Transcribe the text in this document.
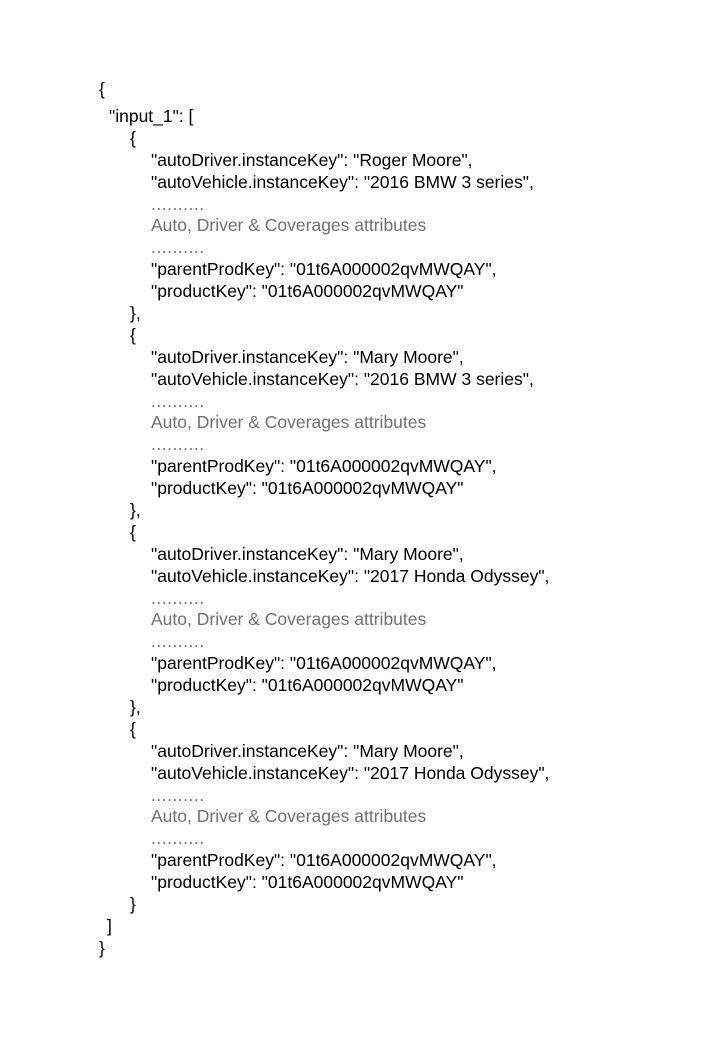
{
"input_1": [
{
"autoDriver.instanceKey": "Roger Moore",
"autoVehicle.instanceKey": "2016 BMW 3 series",
..........
Auto, Driver & Coverages attributes
..........
"parentProdKey": "01t6A000002qvMWQAY",
"productKey": "01t6A000002qvMWQAY"
},
{
"autoDriver.instanceKey": "Mary Moore",
"autoVehicle.instanceKey": "2016 BMW 3 series",
..........
Auto, Driver & Coverages attributes
..........
"parentProdKey": "01t6A000002qvMWQAY",
"productKey": "01t6A000002qvMWQAY"
},
{
"autoDriver.instanceKey": "Mary Moore",
"autoVehicle.instanceKey": "2017 Honda Odyssey",
..........
Auto, Driver & Coverages attributes
..........
"parentProdKey": "01t6A000002qvMWQAY",
"productKey": "01t6A000002qvMWQAY"
},
{
"autoDriver.instanceKey": "Mary Moore",
"autoVehicle.instanceKey": "2017 Honda Odyssey",
..........
Auto, Driver & Coverages attributes
..........
"parentProdKey": "01t6A000002qvMWQAY",
"productKey": "01t6A000002qvMWQAY"
}
]
}
